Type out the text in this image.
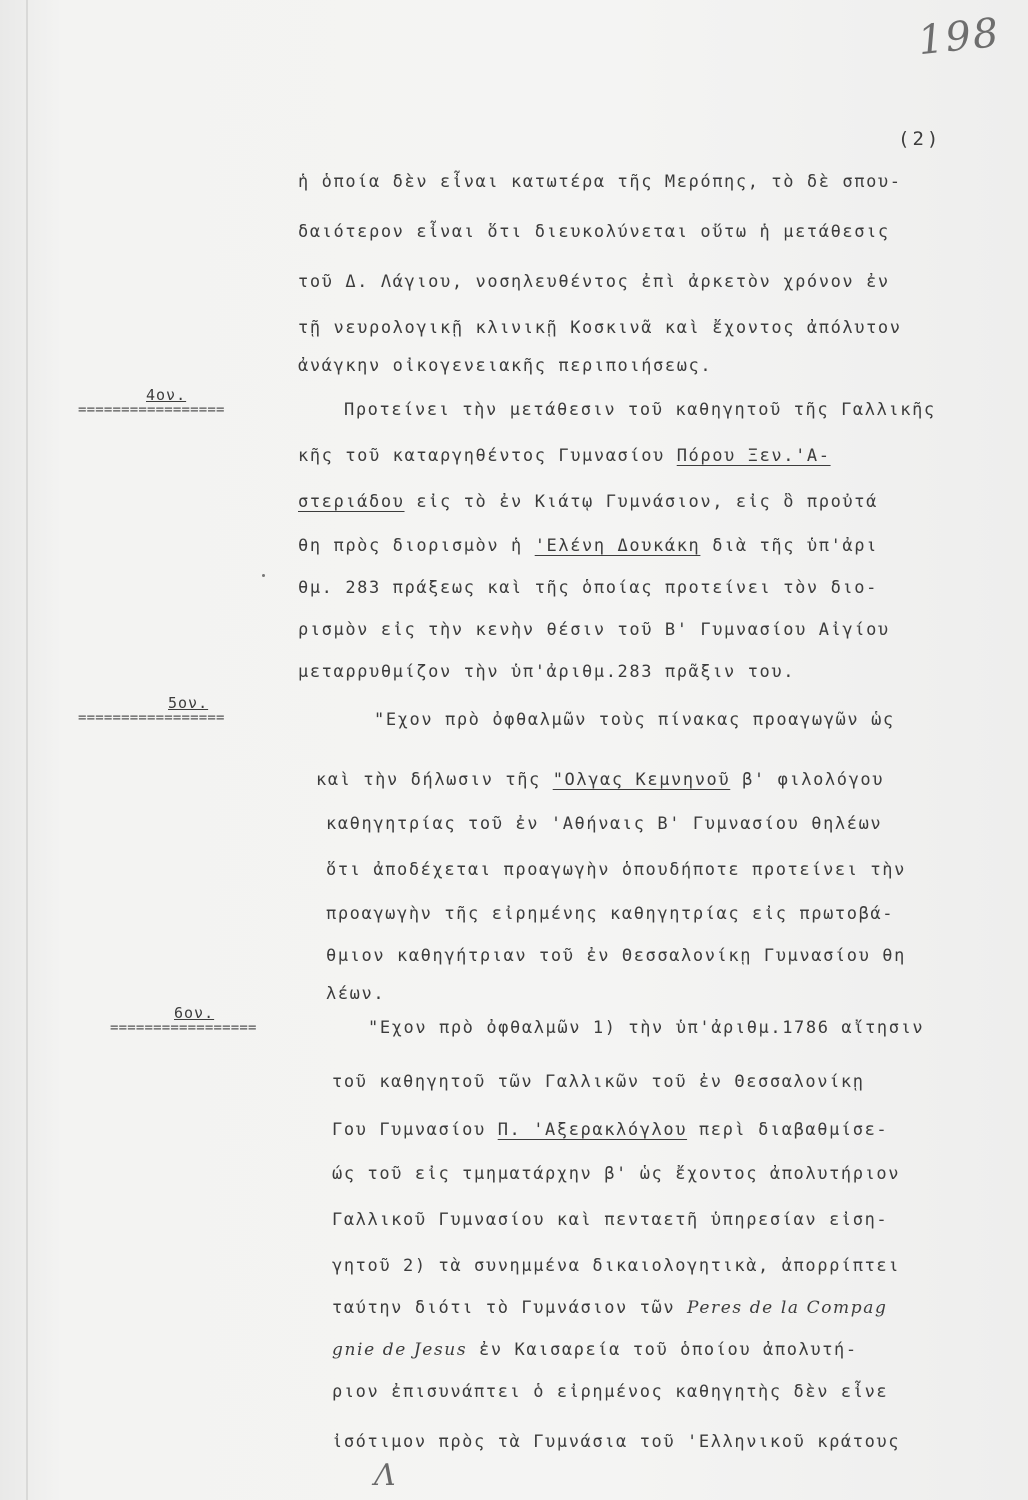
198
(2)
ἡ ὁποία δὲν εἶναι κατωτέρα τῆς Μερόπης, τὸ δὲ σπου-
δαιότερον εἶναι ὅτι διευκολύνεται οὕτω ἡ μετάθεσις
τοῦ Δ. Λάγιου, νοσηλευθέντος ἐπὶ ἀρκετὸν χρόνον ἐν
τῇ νευρολογικῇ κλινικῇ Κοσκινᾶ καὶ ἔχοντος ἀπόλυτον
ἀνάγκην οἰκογενειακῆς περιποιήσεως.
4ον.
=================	Προτείνει τὴν μετάθεσιν τοῦ καθηγητοῦ τῆς Γαλλικῆς
κῆς τοῦ καταργηθέντος Γυμνασίου Πόρου Ξεν.'Α-
στεριάδου εἰς τὸ ἐν Κιάτῳ Γυμνάσιον, εἰς ὃ προὐτά
θη πρὸς διορισμὸν ἡ 'Ελένη Δουκάκη διὰ τῆς ὑπ'ἀρι
θμ. 283 πράξεως καὶ τῆς ὁποίας προτείνει τὸν διο-
ρισμὸν εἰς τὴν κενὴν θέσιν τοῦ Β' Γυμνασίου Αἰγίου
μεταρρυθμίζον τὴν ὑπ'ἀριθμ.283 πρᾶξιν του.
5ον.
=================	"Εχον πρὸ ὀφθαλμῶν τοὺς πίνακας προαγωγῶν ὡς
καὶ τὴν δήλωσιν τῆς "Ολγας Κεμνηνοῦ β' φιλολόγου
καθηγητρίας τοῦ ἐν 'Αθήναις Β' Γυμνασίου θηλέων
ὅτι ἀποδέχεται προαγωγὴν ὁπουδήποτε προτείνει τὴν
προαγωγὴν τῆς εἰρημένης καθηγητρίας εἰς πρωτοβά-
θμιον καθηγήτριαν τοῦ ἐν Θεσσαλονίκῃ Γυμνασίου θη
λέων.
6ον.
=================	"Εχον πρὸ ὀφθαλμῶν 1) τὴν ὑπ'ἀριθμ.1786 αἴτησιν
τοῦ καθηγητοῦ τῶν Γαλλικῶν τοῦ ἐν Θεσσαλονίκῃ
Γου Γυμνασίου Π. 'Αξερακλόγλου περὶ διαβαθμίσε-
ώς τοῦ εἰς τμηματάρχην β' ὡς ἔχοντος ἀπολυτήριον
Γαλλικοῦ Γυμνασίου καὶ πενταετῆ ὑπηρεσίαν εἰση-
γητοῦ 2) τὰ συνημμένα δικαιολογητικὰ, ἀπορρίπτει
ταύτην διότι τὸ Γυμνάσιον τῶν Peres de la Compag
gnie de Jesus ἐν Καισαρεία τοῦ ὁποίου ἀπολυτή-
ριον ἐπισυνάπτει ὁ εἰρημένος καθηγητὴς δὲν εἶνε
ἰσότιμον πρὸς τὰ Γυμνάσια τοῦ 'Ελληνικοῦ κράτους
Λ
